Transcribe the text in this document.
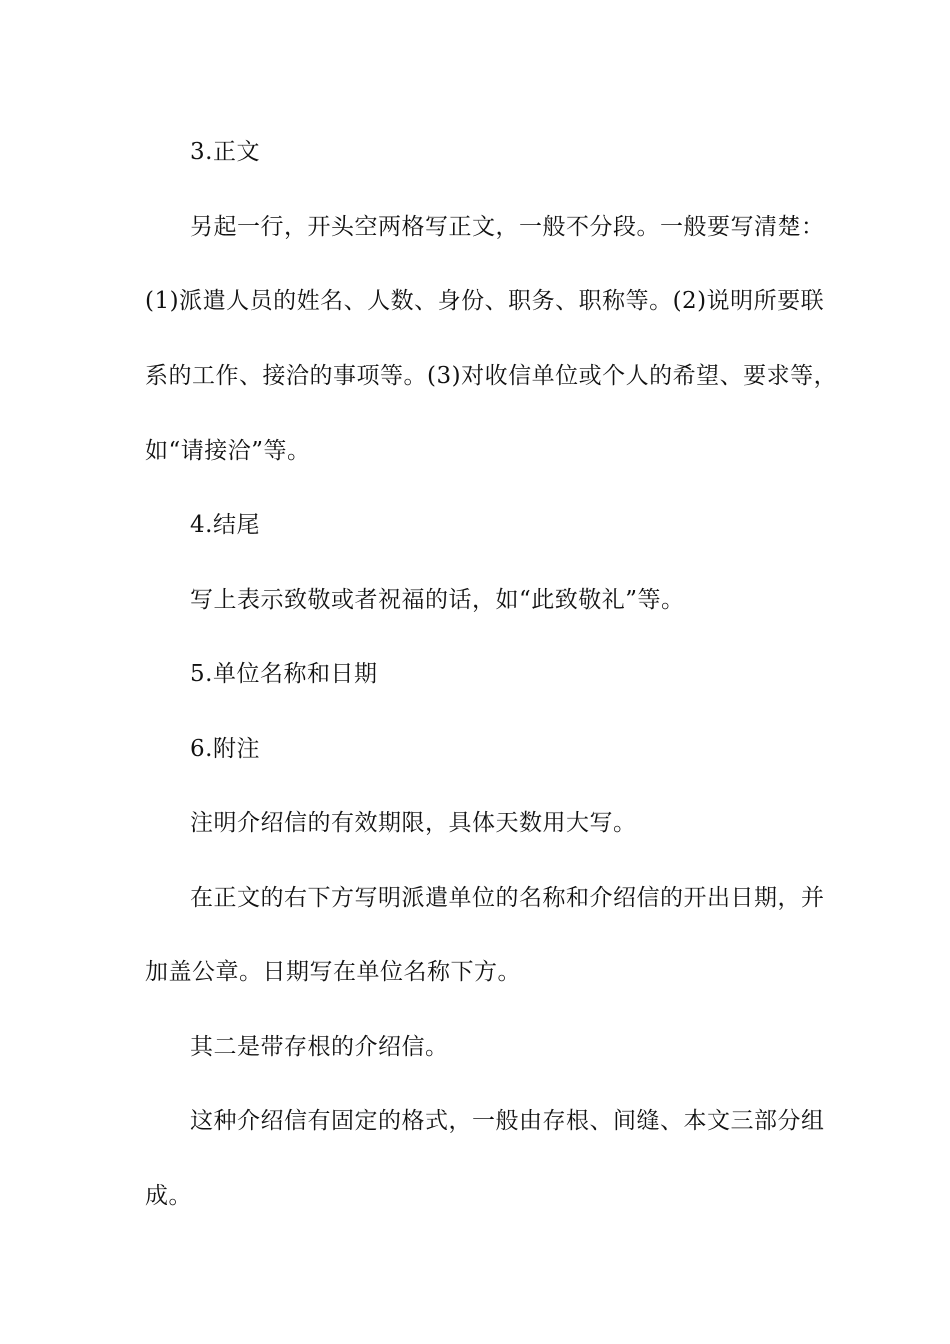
3.正文
另起一行，开头空两格写正文，一般不分段。一般要写清楚：
(1)派遣人员的姓名、人数、身份、职务、职称等。(2)说明所要联
系的工作、接洽的事项等。(3)对收信单位或个人的希望、要求等，
如“请接洽”等。
4.结尾
写上表示致敬或者祝福的话，如“此致敬礼”等。
5.单位名称和日期
6.附注
注明介绍信的有效期限，具体天数用大写。
在正文的右下方写明派遣单位的名称和介绍信的开出日期，并
加盖公章。日期写在单位名称下方。
其二是带存根的介绍信。
这种介绍信有固定的格式，一般由存根、间缝、本文三部分组
成。
